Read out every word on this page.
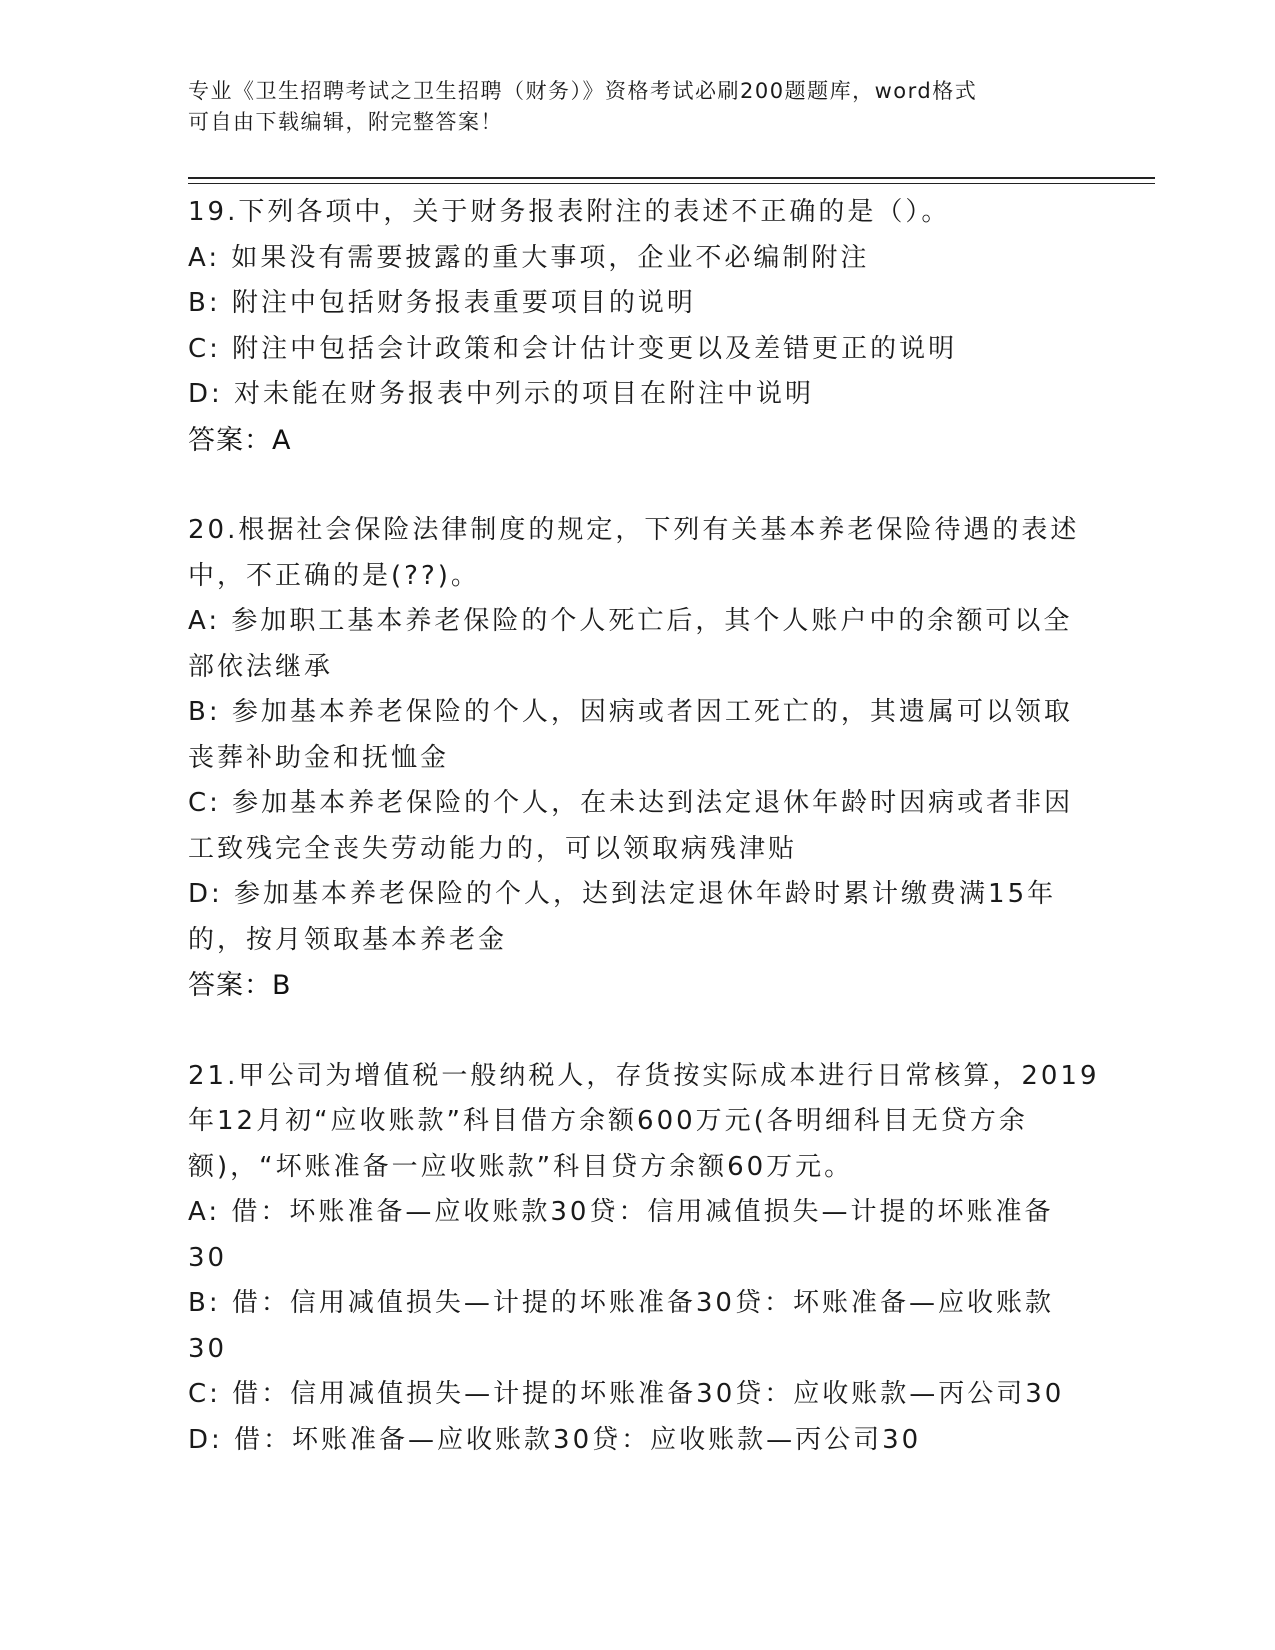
专业《卫生招聘考试之卫生招聘（财务）》资格考试必刷200题题库，word格式

可自由下载编辑，附完整答案！

19.下列各项中，关于财务报表附注的表述不正确的是（）。

A: 如果没有需要披露的重大事项，企业不必编制附注

B: 附注中包括财务报表重要项目的说明

C: 附注中包括会计政策和会计估计变更以及差错更正的说明

D: 对未能在财务报表中列示的项目在附注中说明

答案：A

20.根据社会保险法律制度的规定，下列有关基本养老保险待遇的表述

中，不正确的是(??)。

A: 参加职工基本养老保险的个人死亡后，其个人账户中的余额可以全

部依法继承

B: 参加基本养老保险的个人，因病或者因工死亡的，其遗属可以领取

丧葬补助金和抚恤金

C: 参加基本养老保险的个人，在未达到法定退休年龄时因病或者非因

工致残完全丧失劳动能力的，可以领取病残津贴

D: 参加基本养老保险的个人，达到法定退休年龄时累计缴费满15年

的，按月领取基本养老金

答案：B

21.甲公司为增值税一般纳税人，存货按实际成本进行日常核算，2019

年12月初“应收账款”科目借方余额600万元(各明细科目无贷方余

额)，“坏账准备一应收账款”科目贷方余额60万元。

A: 借：坏账准备—应收账款30贷：信用减值损失—计提的坏账准备

30

B: 借：信用减值损失—计提的坏账准备30贷：坏账准备—应收账款

30

C: 借：信用减值损失—计提的坏账准备30贷：应收账款—丙公司30

D: 借：坏账准备—应收账款30贷：应收账款—丙公司30
